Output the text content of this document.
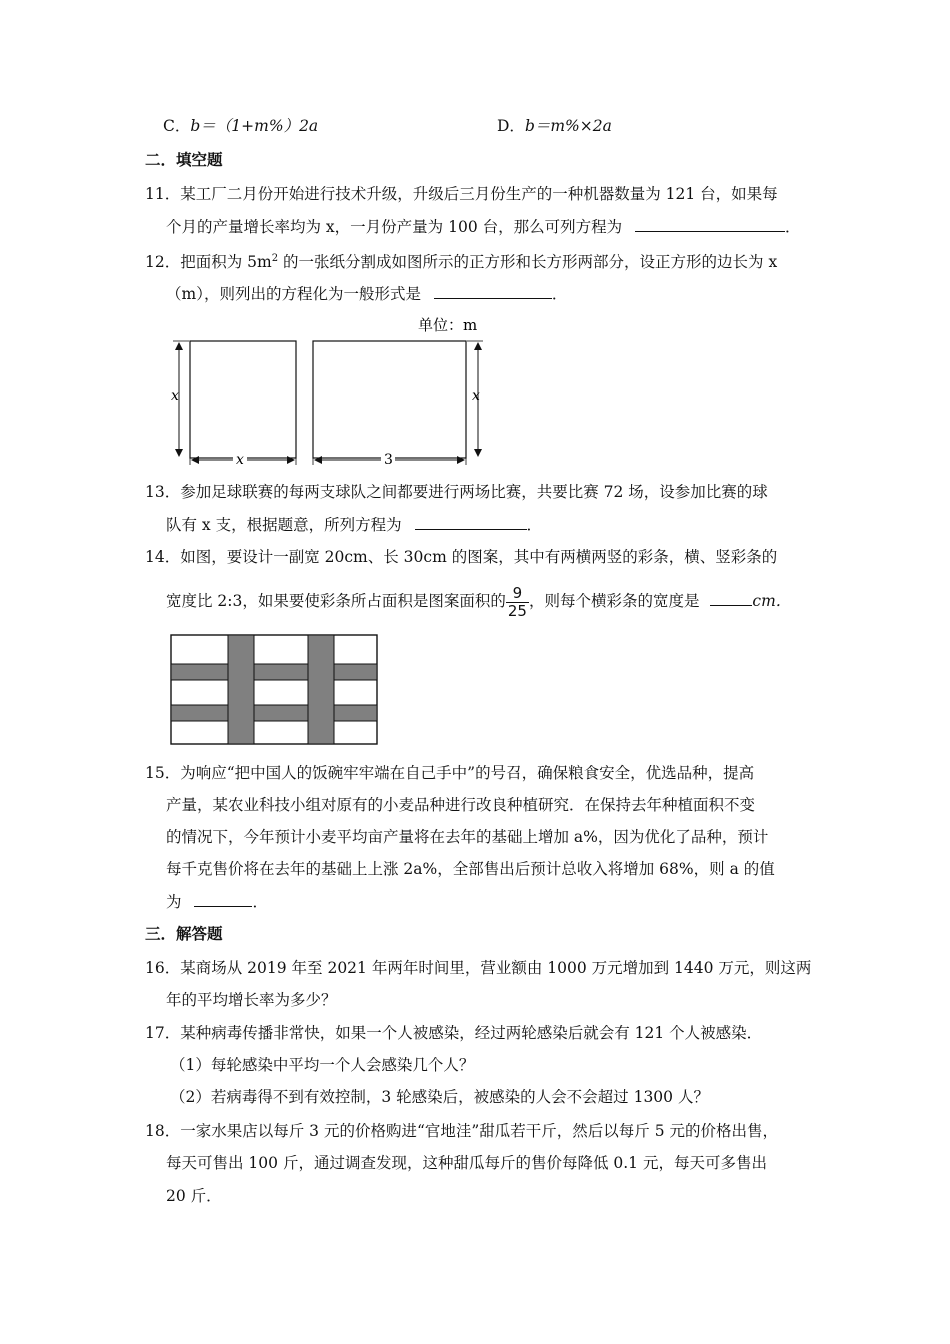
C．b＝（1+m%）2a	D．b＝m%×2a
二．填空题
11．某工厂二月份开始进行技术升级，升级后三月份生产的一种机器数量为 121 台，如果每
个月的产量增长率均为 x，一月份产量为 100 台，那么可列方程为	．
12．把面积为 $5m^2$ 的一张纸分割成如图所示的正方形和长方形两部分，设正方形的边长为 x
（m），则列出的方程化为一般形式是	．
单位：m
x	x
x	3
13．参加足球联赛的每两支球队之间都要进行两场比赛，共要比赛 72 场，设参加比赛的球
队有 x 支，根据题意，所列方程为	．
14．如图，要设计一副宽 20cm、长 30cm 的图案，其中有两横两竖的彩条，横、竖彩条的
宽度比 2:3，如果要使彩条所占面积是图案面积的 $\frac{9}{25}$ ，则每个横彩条的宽度是	cm．
15．为响应“把中国人的饭碗牢牢端在自己手中”的号召，确保粮食安全，优选品种，提高
产量，某农业科技小组对原有的小麦品种进行改良种植研究．在保持去年种植面积不变
的情况下，今年预计小麦平均亩产量将在去年的基础上增加 a%，因为优化了品种，预计
每千克售价将在去年的基础上上涨 2a%，全部售出后预计总收入将增加 68%，则 a 的值
为	．
三．解答题
16．某商场从 2019 年至 2021 年两年时间里，营业额由 1000 万元增加到 1440 万元，则这两
年的平均增长率为多少？
17．某种病毒传播非常快，如果一个人被感染，经过两轮感染后就会有 121 个人被感染．
（1）每轮感染中平均一个人会感染几个人？
（2）若病毒得不到有效控制，3 轮感染后，被感染的人会不会超过 1300 人？
18．一家水果店以每斤 3 元的价格购进“官地洼”甜瓜若干斤，然后以每斤 5 元的价格出售，
每天可售出 100 斤，通过调查发现，这种甜瓜每斤的售价每降低 0.1 元，每天可多售出
20 斤．
